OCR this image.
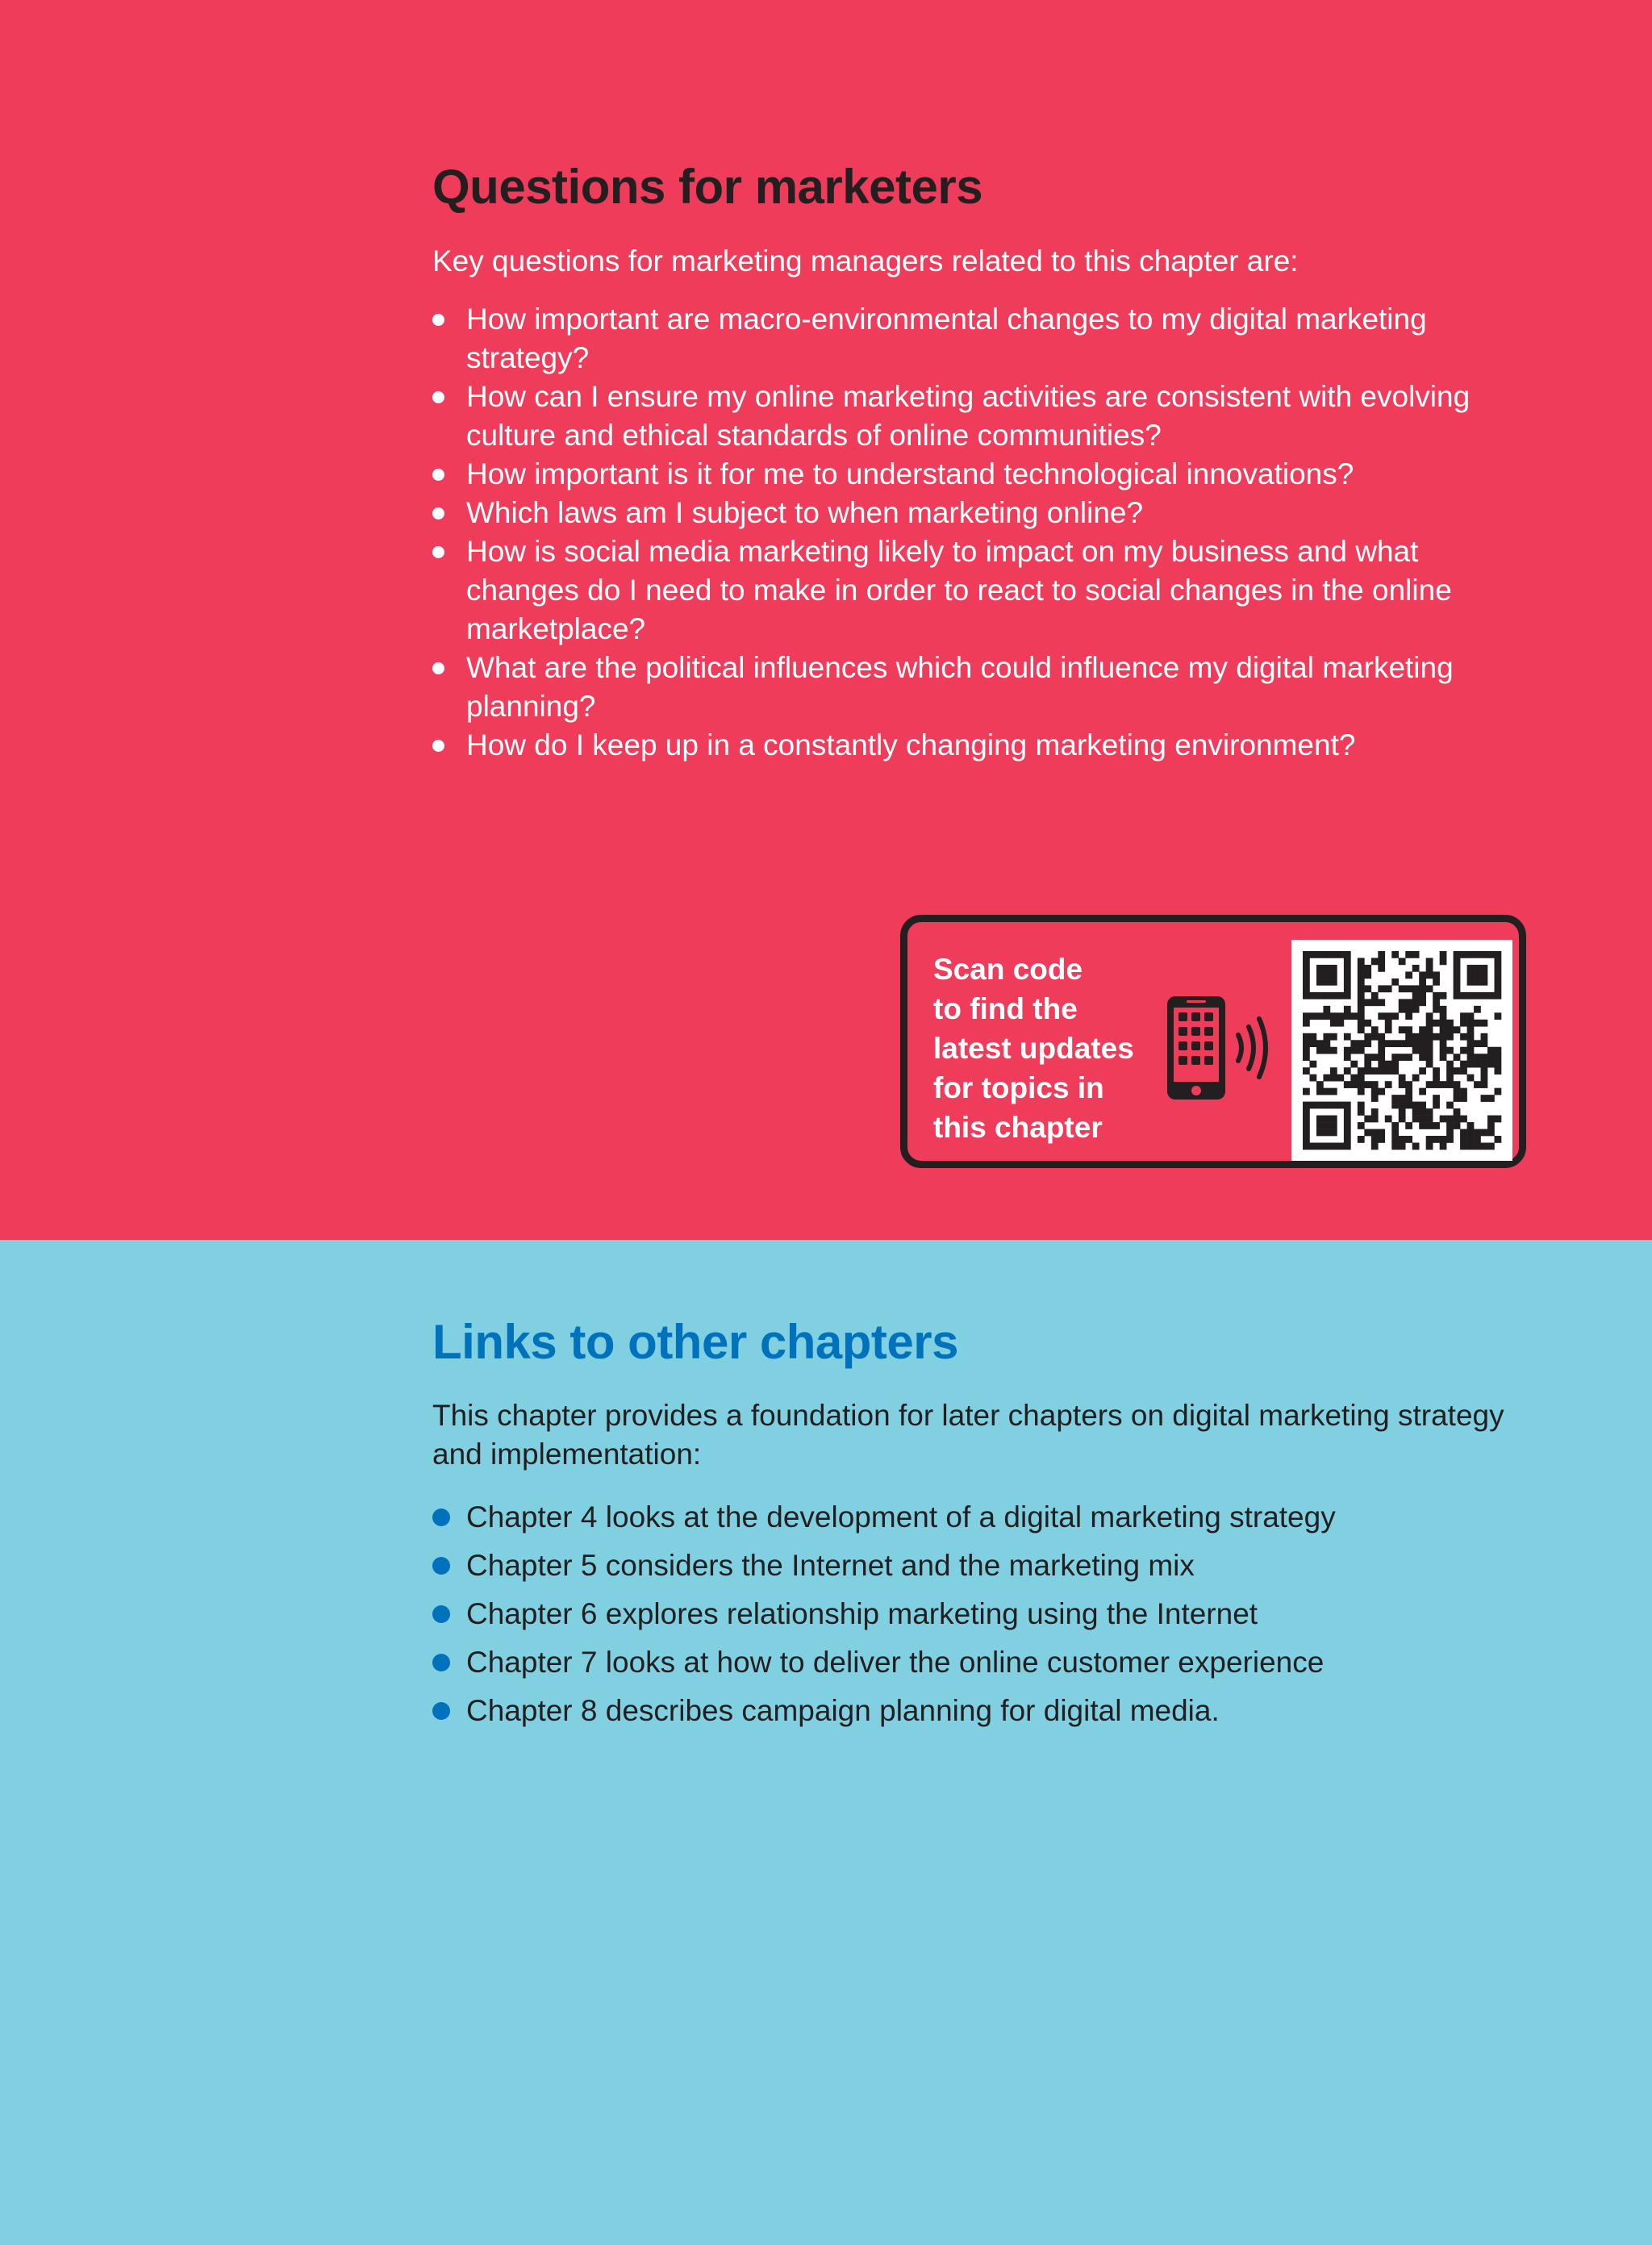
Questions for marketers

Key questions for marketing managers related to this chapter are:

How important are macro-environmental changes to my digital marketing strategy?
How can I ensure my online marketing activities are consistent with evolving culture and ethical standards of online communities?
How important is it for me to understand technological innovations?
Which laws am I subject to when marketing online?
How is social media marketing likely to impact on my business and what changes do I need to make in order to react to social changes in the online marketplace?
What are the political influences which could influence my digital marketing planning?
How do I keep up in a constantly changing marketing environment?
Scan code
to find the
latest updates
for topics in
this chapter
Links to other chapters

This chapter provides a foundation for later chapters on digital marketing strategy and implementation:

Chapter 4 looks at the development of a digital marketing strategy
Chapter 5 considers the Internet and the marketing mix
Chapter 6 explores relationship marketing using the Internet
Chapter 7 looks at how to deliver the online customer experience
Chapter 8 describes campaign planning for digital media.
